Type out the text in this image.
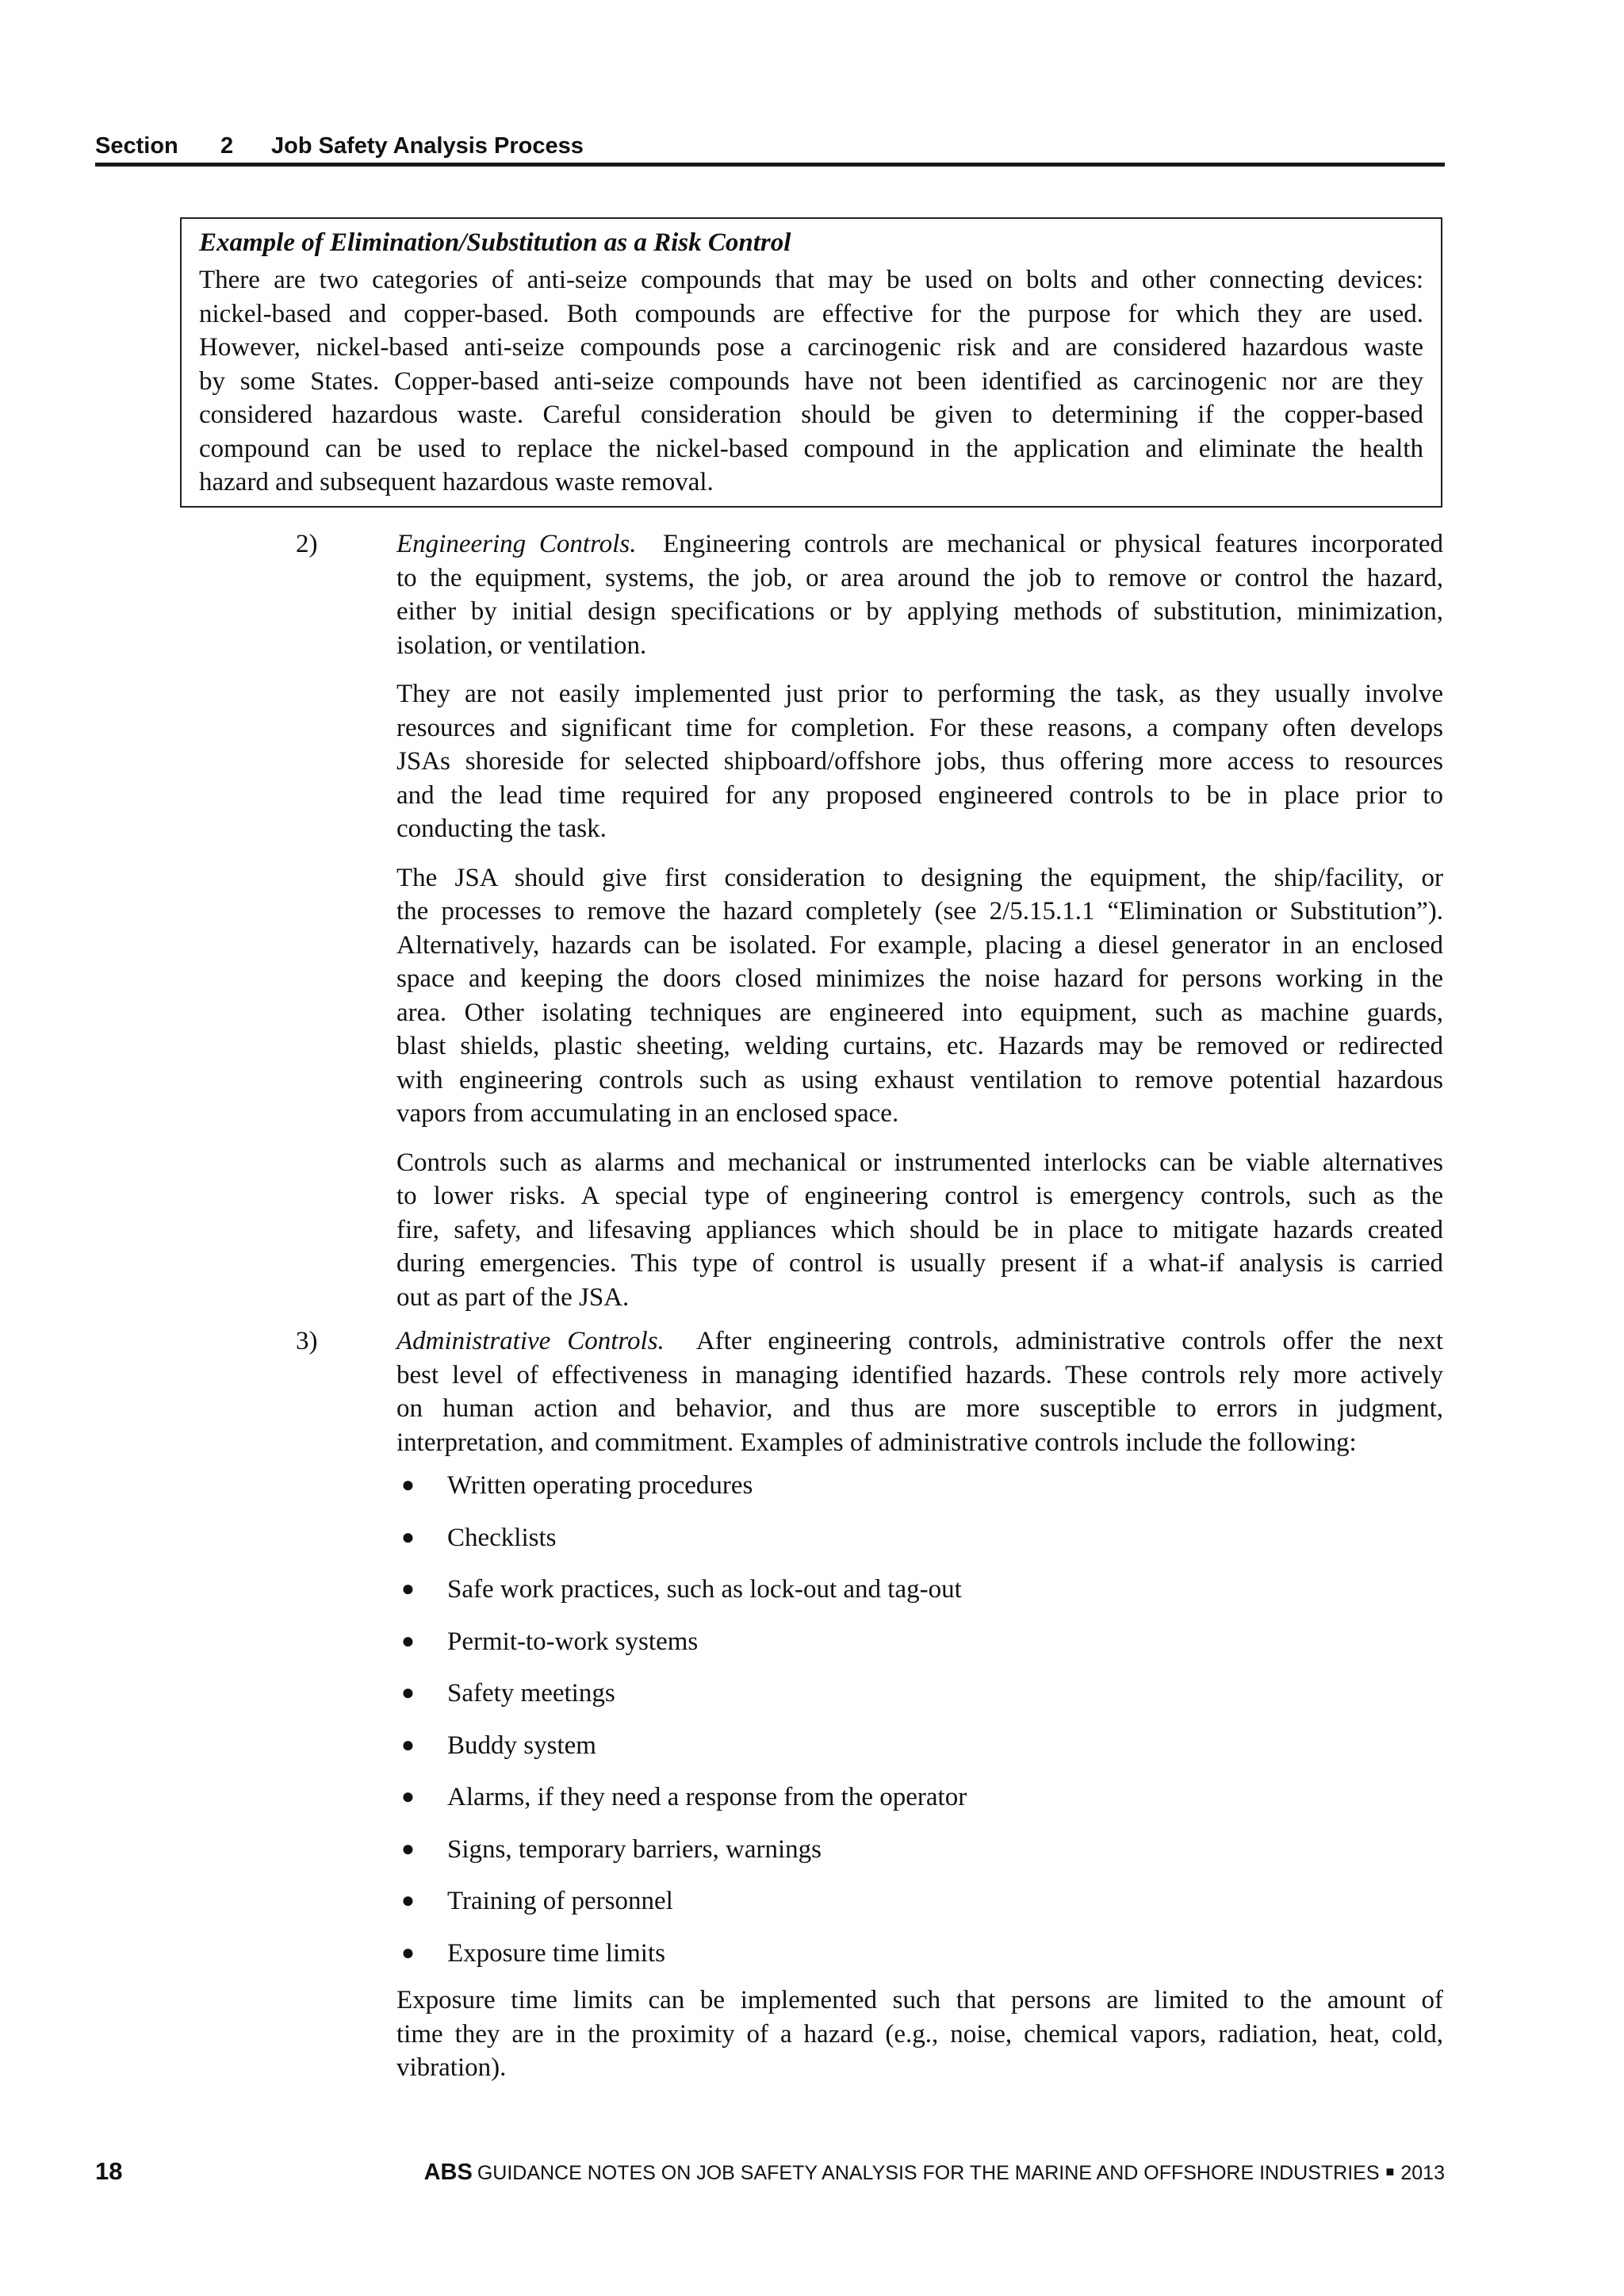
Section 2 Job Safety Analysis Process
Example of Elimination/Substitution as a Risk Control
There are two categories of anti-seize compounds that may be used on bolts and other connecting devices:
nickel-based and copper-based. Both compounds are effective for the purpose for which they are used.
However, nickel-based anti-seize compounds pose a carcinogenic risk and are considered hazardous waste
by some States. Copper-based anti-seize compounds have not been identified as carcinogenic nor are they
considered hazardous waste. Careful consideration should be given to determining if the copper-based
compound can be used to replace the nickel-based compound in the application and eliminate the health
hazard and subsequent hazardous waste removal.
2)	Engineering Controls. Engineering controls are mechanical or physical features incorporated
to the equipment, systems, the job, or area around the job to remove or control the hazard,
either by initial design specifications or by applying methods of substitution, minimization,
isolation, or ventilation.
They are not easily implemented just prior to performing the task, as they usually involve
resources and significant time for completion. For these reasons, a company often develops
JSAs shoreside for selected shipboard/offshore jobs, thus offering more access to resources
and the lead time required for any proposed engineered controls to be in place prior to
conducting the task.
The JSA should give first consideration to designing the equipment, the ship/facility, or
the processes to remove the hazard completely (see 2/5.15.1.1 “Elimination or Substitution”).
Alternatively, hazards can be isolated. For example, placing a diesel generator in an enclosed
space and keeping the doors closed minimizes the noise hazard for persons working in the
area. Other isolating techniques are engineered into equipment, such as machine guards,
blast shields, plastic sheeting, welding curtains, etc. Hazards may be removed or redirected
with engineering controls such as using exhaust ventilation to remove potential hazardous
vapors from accumulating in an enclosed space.
Controls such as alarms and mechanical or instrumented interlocks can be viable alternatives
to lower risks. A special type of engineering control is emergency controls, such as the
fire, safety, and lifesaving appliances which should be in place to mitigate hazards created
during emergencies. This type of control is usually present if a what-if analysis is carried
out as part of the JSA.
3)	Administrative Controls. After engineering controls, administrative controls offer the next
best level of effectiveness in managing identified hazards. These controls rely more actively
on human action and behavior, and thus are more susceptible to errors in judgment,
interpretation, and commitment. Examples of administrative controls include the following:
● Written operating procedures
● Checklists
● Safe work practices, such as lock-out and tag-out
● Permit-to-work systems
● Safety meetings
● Buddy system
● Alarms, if they need a response from the operator
● Signs, temporary barriers, warnings
● Training of personnel
● Exposure time limits
Exposure time limits can be implemented such that persons are limited to the amount of
time they are in the proximity of a hazard (e.g., noise, chemical vapors, radiation, heat, cold,
vibration).
18	ABS GUIDANCE NOTES ON JOB SAFETY ANALYSIS FOR THE MARINE AND OFFSHORE INDUSTRIES ■ 2013
